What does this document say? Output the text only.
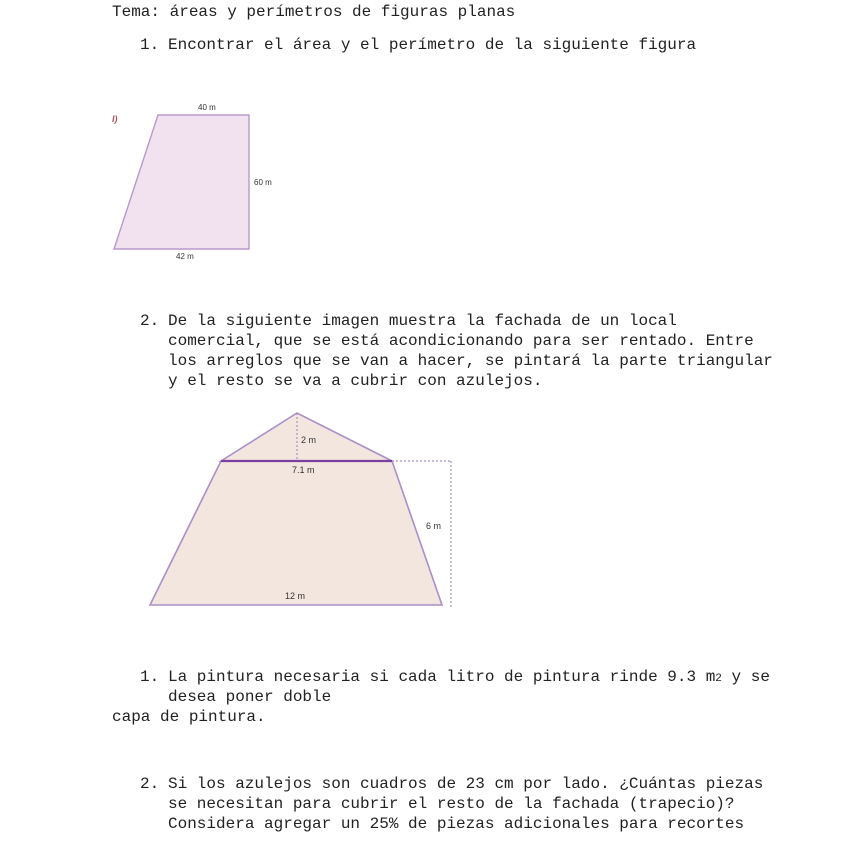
Tema: áreas y perímetros de figuras planas
1. Encontrar el área y el perímetro de la siguiente figura
I)
40 m
60 m
42 m
2. De la siguiente imagen muestra la fachada de un local
comercial, que se está acondicionando para ser rentado. Entre
los arreglos que se van a hacer, se pintará la parte triangular
y el resto se va a cubrir con azulejos.
2 m
7.1 m
6 m
12 m
1. La pintura necesaria si cada litro de pintura rinde 9.3 m2 y se
desea poner doble
capa de pintura.
2. Si los azulejos son cuadros de 23 cm por lado. ¿Cuántas piezas
se necesitan para cubrir el resto de la fachada (trapecio)?
Considera agregar un 25% de piezas adicionales para recortes
